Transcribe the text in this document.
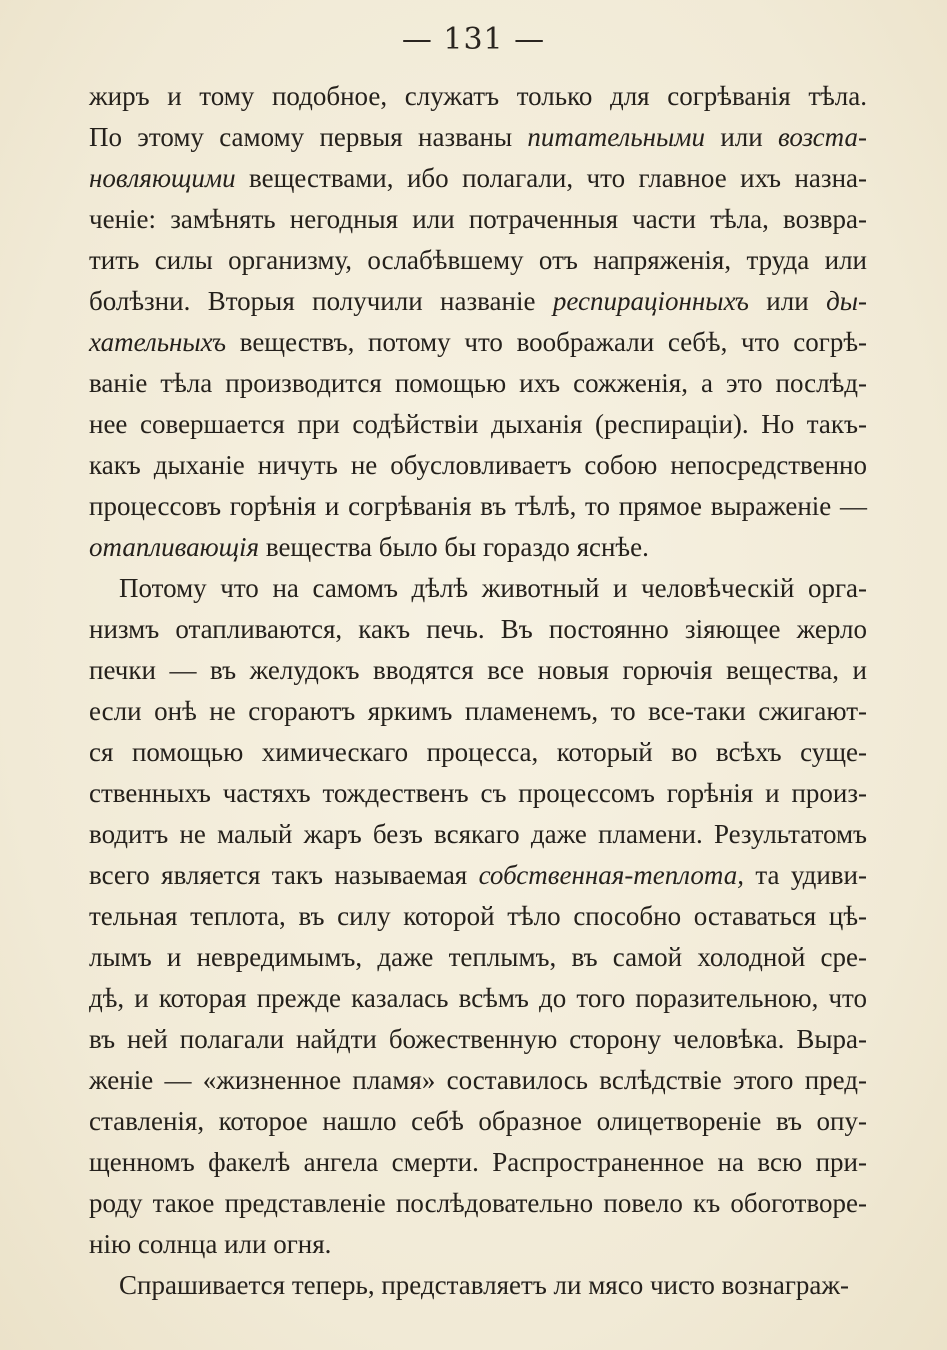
— 131 —
жиръ и тому подобное, служатъ только для согрѣванія тѣла.
По этому самому первыя названы питательными или возста-
новляющими веществами, ибо полагали, что главное ихъ назна-
ченіе: замѣнять негодныя или потраченныя части тѣла, возвра-
тить силы организму, ослабѣвшему отъ напряженія, труда или
болѣзни. Вторыя получили названіе респираціонныхъ или ды-
хательныхъ веществъ, потому что воображали себѣ, что согрѣ-
ваніе тѣла производится помощью ихъ сожженія, а это послѣд-
нее совершается при содѣйствіи дыханія (респираціи). Но такъ-
какъ дыханіе ничуть не обусловливаетъ собою непосредственно
процессовъ горѣнія и согрѣванія въ тѣлѣ, то прямое выраженіе —
отапливающія вещества было бы гораздо яснѣе.
Потому что на самомъ дѣлѣ животный и человѣческій орга-
низмъ отапливаются, какъ печь. Въ постоянно зіяющее жерло
печки — въ желудокъ вводятся все новыя горючія вещества, и
если онѣ не сгораютъ яркимъ пламенемъ, то все-таки сжигают-
ся помощью химическаго процесса, который во всѣхъ суще-
ственныхъ частяхъ тождественъ съ процессомъ горѣнія и произ-
водитъ не малый жаръ безъ всякаго даже пламени. Результатомъ
всего является такъ называемая собственная-теплота, та удиви-
тельная теплота, въ силу которой тѣло способно оставаться цѣ-
лымъ и невредимымъ, даже теплымъ, въ самой холодной сре-
дѣ, и которая прежде казалась всѣмъ до того поразительною, что
въ ней полагали найдти божественную сторону человѣка. Выра-
женіе — «жизненное пламя» составилось вслѣдствіе этого пред-
ставленія, которое нашло себѣ образное олицетвореніе въ опу-
щенномъ факелѣ ангела смерти. Распространенное на всю при-
роду такое представленіе послѣдовательно повело къ обоготворе-
нію солнца или огня.
Спрашивается теперь, представляетъ ли мясо чисто вознаграж-
